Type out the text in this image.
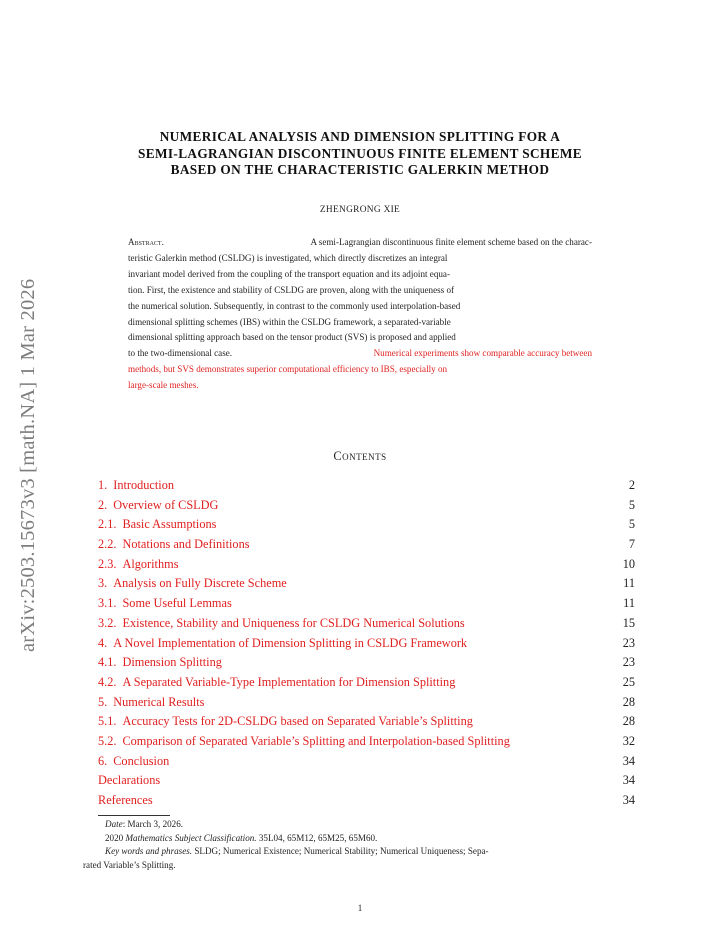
arXiv:2503.15673v3 [math.NA] 1 Mar 2026
NUMERICAL ANALYSIS AND DIMENSION SPLITTING FOR A
SEMI-LAGRANGIAN DISCONTINUOUS FINITE ELEMENT SCHEME
BASED ON THE CHARACTERISTIC GALERKIN METHOD
ZHENGRONG XIE
Abstract.	A semi-Lagrangian discontinuous finite element scheme based on the charac-
teristic Galerkin method (CSLDG) is investigated, which directly discretizes an integral
invariant model derived from the coupling of the transport equation and its adjoint equa-
tion. First, the existence and stability of CSLDG are proven, along with the uniqueness of
the numerical solution. Subsequently, in contrast to the commonly used interpolation-based
dimensional splitting schemes (IBS) within the CSLDG framework, a separated-variable
dimensional splitting approach based on the tensor product (SVS) is proposed and applied
to the two-dimensional case.	Numerical experiments show comparable accuracy between
methods, but SVS demonstrates superior computational efficiency to IBS, especially on
large-scale meshes.
Contents
1. Introduction	2
2. Overview of CSLDG	5
2.1. Basic Assumptions	5
2.2. Notations and Definitions	7
2.3. Algorithms	10
3. Analysis on Fully Discrete Scheme	11
3.1. Some Useful Lemmas	11
3.2. Existence, Stability and Uniqueness for CSLDG Numerical Solutions	15
4. A Novel Implementation of Dimension Splitting in CSLDG Framework	23
4.1. Dimension Splitting	23
4.2. A Separated Variable-Type Implementation for Dimension Splitting	25
5. Numerical Results	28
5.1. Accuracy Tests for 2D-CSLDG based on Separated Variable’s Splitting	28
5.2. Comparison of Separated Variable’s Splitting and Interpolation-based Splitting	32
6. Conclusion	34
Declarations	34
References	34
Date: March 3, 2026.
2020 Mathematics Subject Classification. 35L04, 65M12, 65M25, 65M60.
Key words and phrases. SLDG; Numerical Existence; Numerical Stability; Numerical Uniqueness; Sepa-
rated Variable’s Splitting.
1
